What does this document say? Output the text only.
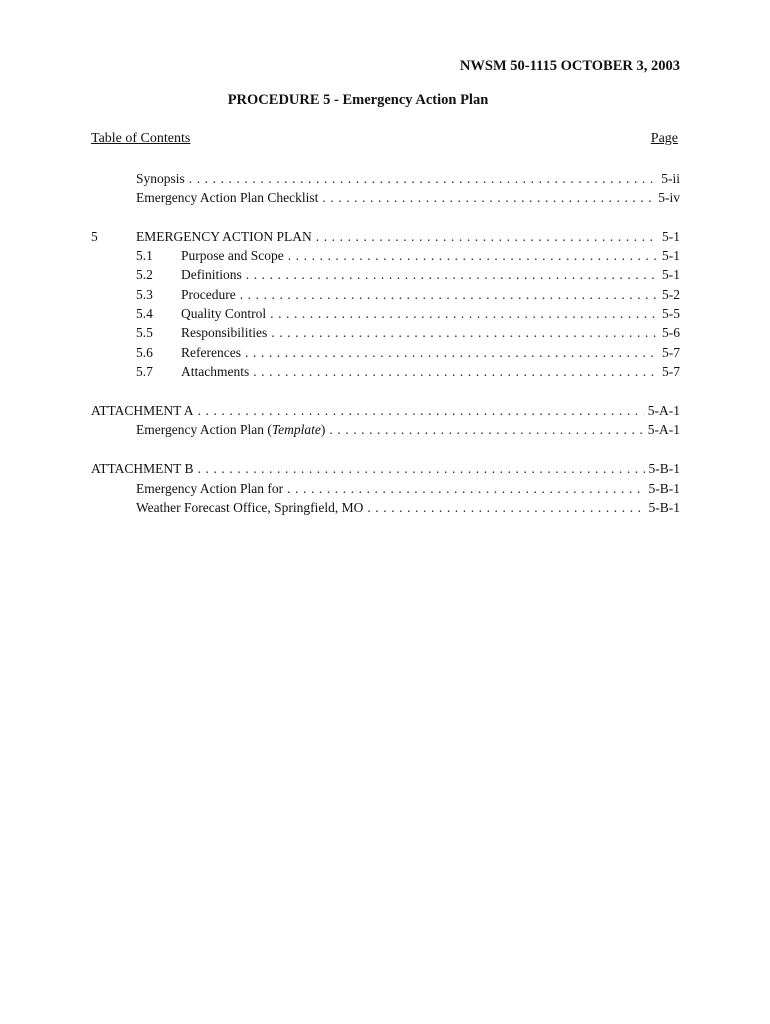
NWSM 50-1115 OCTOBER 3, 2003
PROCEDURE 5 - Emergency Action Plan
Table of Contents	Page
Synopsis . . .	5-ii
Emergency Action Plan Checklist . . .	5-iv
5	EMERGENCY ACTION PLAN . . .	5-1
5.1	Purpose and Scope . . .	5-1
5.2	Definitions . . .	5-1
5.3	Procedure . . .	5-2
5.4	Quality Control . . .	5-5
5.5	Responsibilities . . .	5-6
5.6	References . . .	5-7
5.7	Attachments . . .	5-7
ATTACHMENT A . . .	5-A-1
Emergency Action Plan (Template) . . .	5-A-1
ATTACHMENT B . . .	5-B-1
Emergency Action Plan for . . .	5-B-1
Weather Forecast Office, Springfield, MO . . .	5-B-1
